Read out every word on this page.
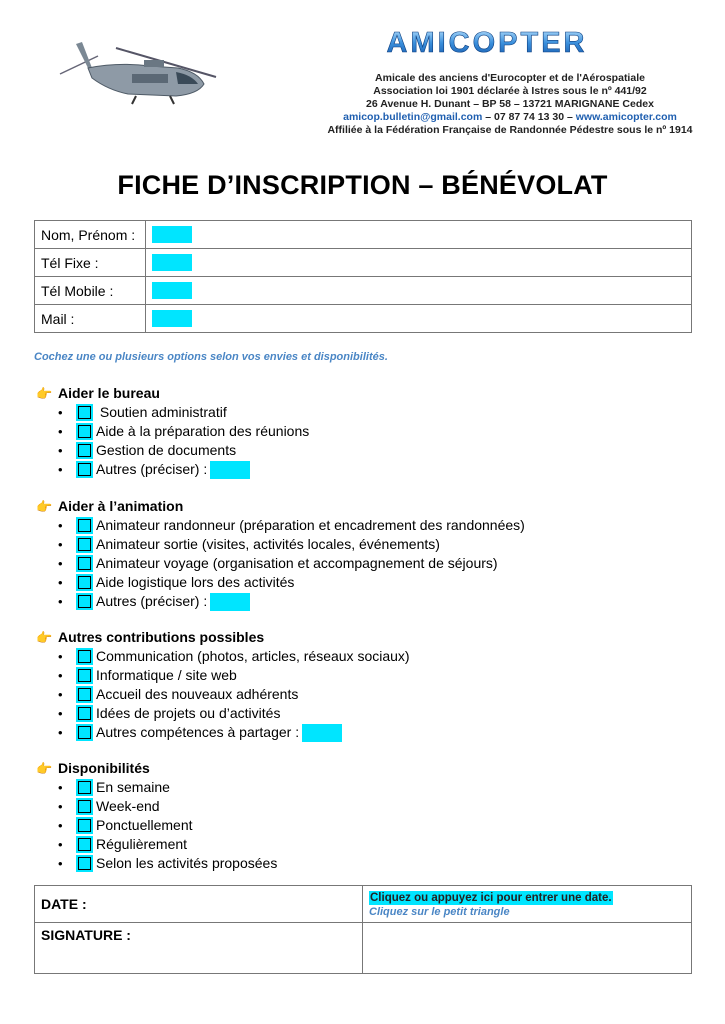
AMICOPTER
Amicale des anciens d'Eurocopter et de l'Aérospatiale
Association loi 1901 déclarée à Istres sous le nº 441/92
26 Avenue H. Dunant – BP 58 – 13721 MARIGNANE Cedex
amicop.bulletin@gmail.com – 07 87 74 13 30 – www.amicopter.com
Affiliée à la Fédération Française de Randonnée Pédestre sous le nº 1914
FICHE D’INSCRIPTION – BÉNÉVOLAT
Nom, Prénom :	
Tél Fixe :	
Tél Mobile :	
Mail :	
Cochez une ou plusieurs options selon vos envies et disponibilités.
👉 Aider le bureau
• Soutien administratif
• Aide à la préparation des réunions
• Gestion de documents
• Autres (préciser) :
👉 Aider à l’animation
• Animateur randonneur (préparation et encadrement des randonnées)
• Animateur sortie (visites, activités locales, événements)
• Animateur voyage (organisation et accompagnement de séjours)
• Aide logistique lors des activités
• Autres (préciser) :
👉 Autres contributions possibles
• Communication (photos, articles, réseaux sociaux)
• Informatique / site web
• Accueil des nouveaux adhérents
• Idées de projets ou d’activités
• Autres compétences à partager :
👉 Disponibilités
• En semaine
• Week-end
• Ponctuellement
• Régulièrement
• Selon les activités proposées
DATE :	Cliquez ou appuyez ici pour entrer une date.
Cliquez sur le petit triangle

SIGNATURE :	
